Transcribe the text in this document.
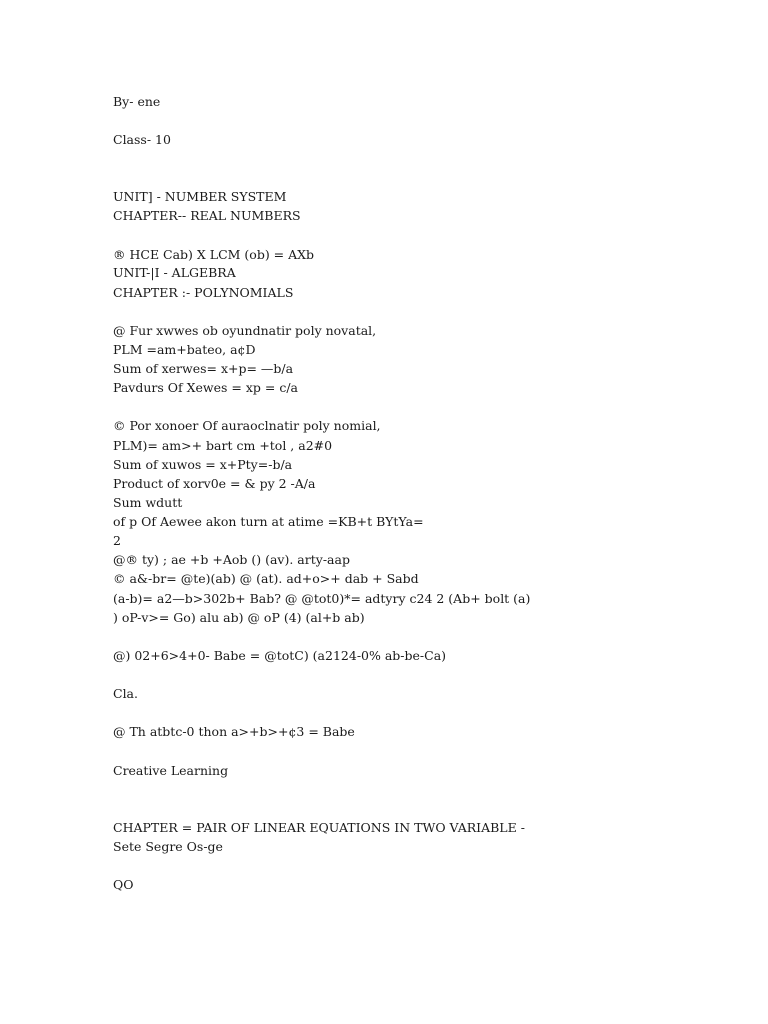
By- ene
Class- 10
UNIT] - NUMBER SYSTEM
CHAPTER-- REAL NUMBERS
® HCE Cab) X LCM (ob) = AXb
UNIT-|I - ALGEBRA
CHAPTER :- POLYNOMIALS
@ Fur xwwes ob oyundnatir poly novatal,
PLM =am+bateo, a¢D
Sum of xerwes= x+p= —b/a
Pavdurs Of Xewes = xp = c/a
© Por xonoer Of auraoclnatir poly nomial,
PLM)= am>+ bart cm +tol , a2#0
Sum of xuwos = x+Pty=-b/a
Product of xorv0e = & py 2 -A/a
Sum wdutt
of p Of Aewee akon turn at atime =KB+t BYtYa=
2
@® ty) ; ae +b +Aob () (av). arty-aap
© a&-br= @te)(ab) @ (at). ad+o>+ dab + Sabd
(a-b)= a2—b>302b+ Bab? @ @tot0)*= adtyry c24 2 (Ab+ bolt (a)
) oP-v>= Go) alu ab) @ oP (4) (al+b ab)
@) 02+6>4+0- Babe = @totC) (a2124-0% ab-be-Ca)
Cla.
@ Th atbtc-0 thon a>+b>+¢3 = Babe
Creative Learning
CHAPTER = PAIR OF LINEAR EQUATIONS IN TWO VARIABLE -
Sete Segre Os-ge
QO
